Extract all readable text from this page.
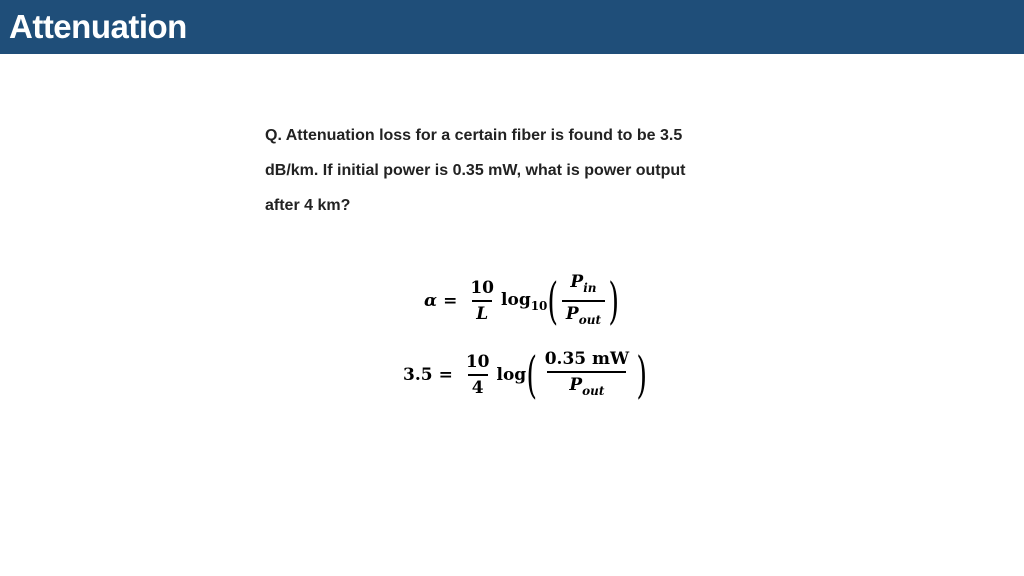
Attenuation

Q. Attenuation loss for a certain fiber is found to be 3.5

dB/km. If initial power is 0.35 mW, what is power output

after 4 km?

$\alpha = \frac{10}{L} \log_{10}$ ( $\frac{P_{in}}{P_{out}}$ )
$3.5 = \frac{10}{4}$ log ( $\frac{0.35 mW}{P_{out}}$ )
